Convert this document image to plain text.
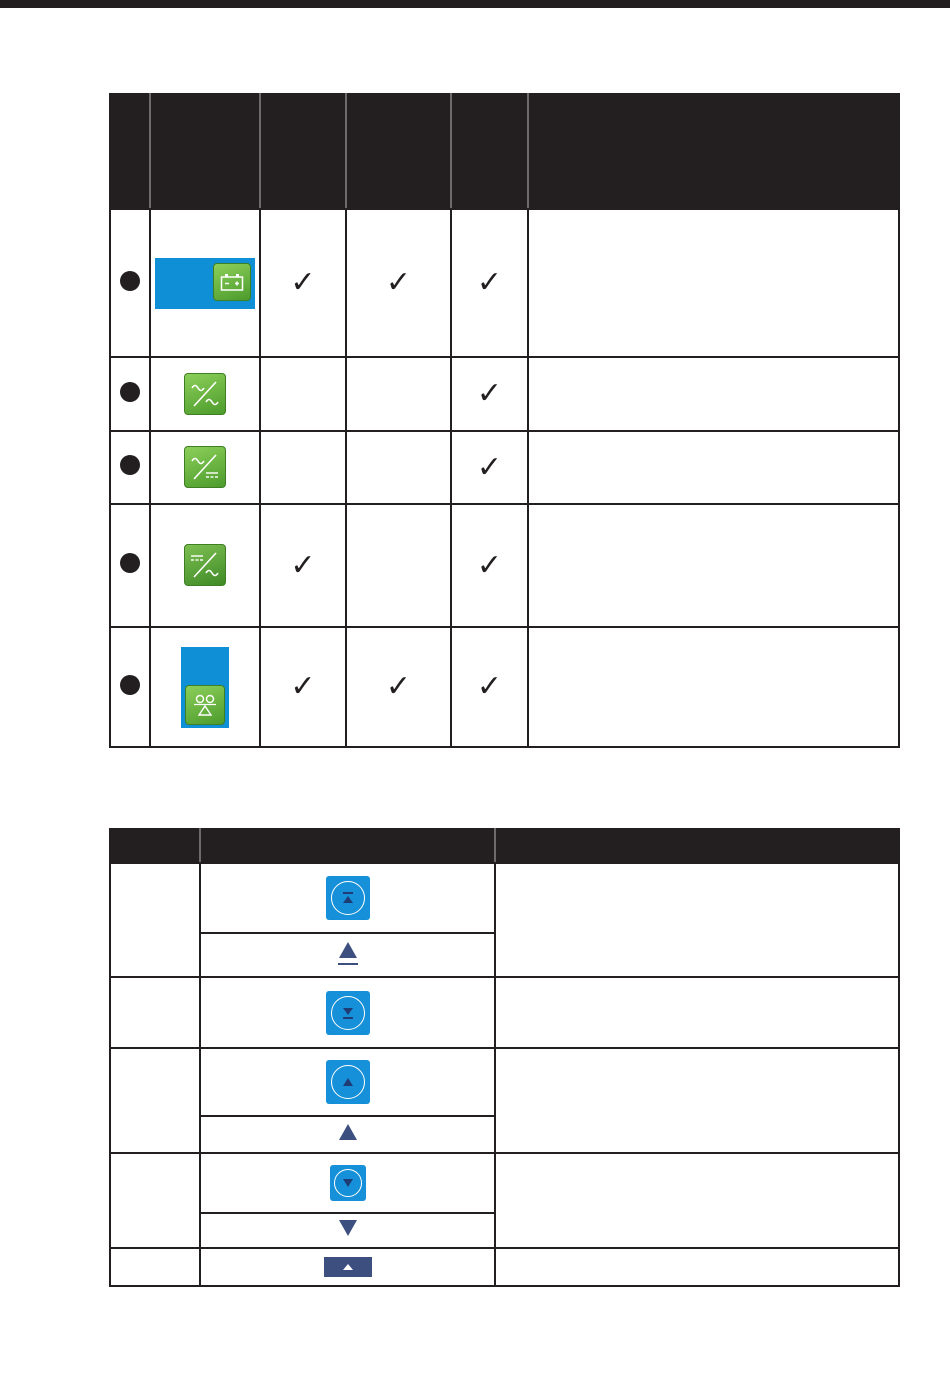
	✓	✓	✓	

			✓	

			✓	

	✓		✓	

	✓	✓	✓	
